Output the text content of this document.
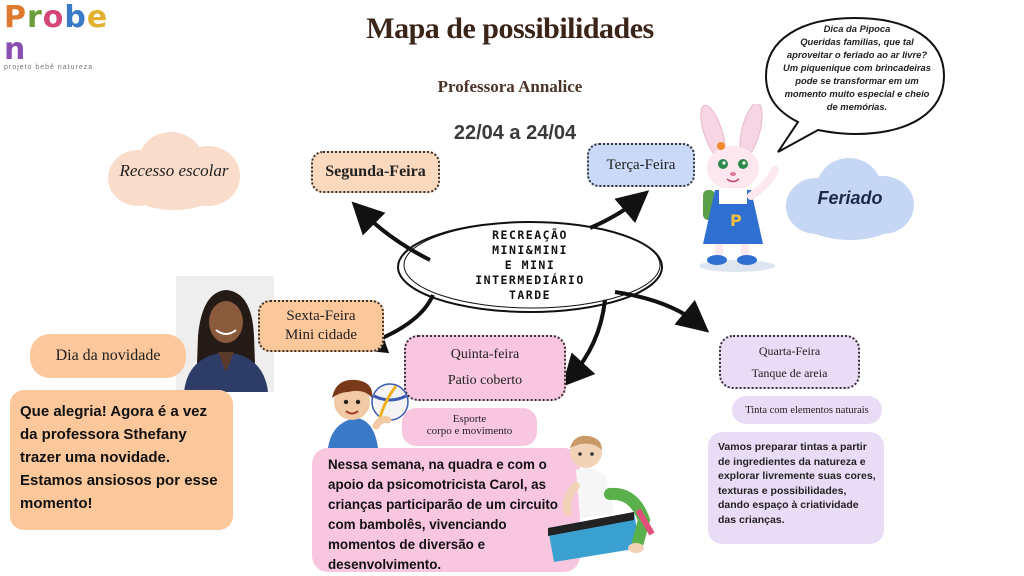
Proben
projeto bebê natureza
Mapa de possibilidades
Professora Annalice
22/04 a 24/04
RECREAÇÃO
MINI&MINI
E MINI
INTERMEDIÁRIO
TARDE
Recesso escolar	Segunda-Feira	Terça-Feira
Dica da Pipoca
Queridas famílias, que tal aproveitar o feriado ao ar livre? Um piquenique com brincadeiras pode se transformar em um momento muito especial e cheio de memórias.
P
Feriado
Sexta-Feira
Mini cidade
Dia da novidade
Que alegria! Agora é a vez da professora Sthefany trazer uma novidade. Estamos ansiosos por esse momento!
Quinta-feira
Patio coberto
Esporte
corpo e movimento
Nessa semana, na quadra e com o apoio da psicomotricista Carol, as crianças participarão de um circuito com bambolês, vivenciando momentos de diversão e desenvolvimento.
Quarta-Feira
Tanque de areia
Tinta com elementos naturais
Vamos preparar tintas a partir de ingredientes da natureza e explorar livremente suas cores, texturas e possibilidades, dando espaço à criatividade das crianças.
